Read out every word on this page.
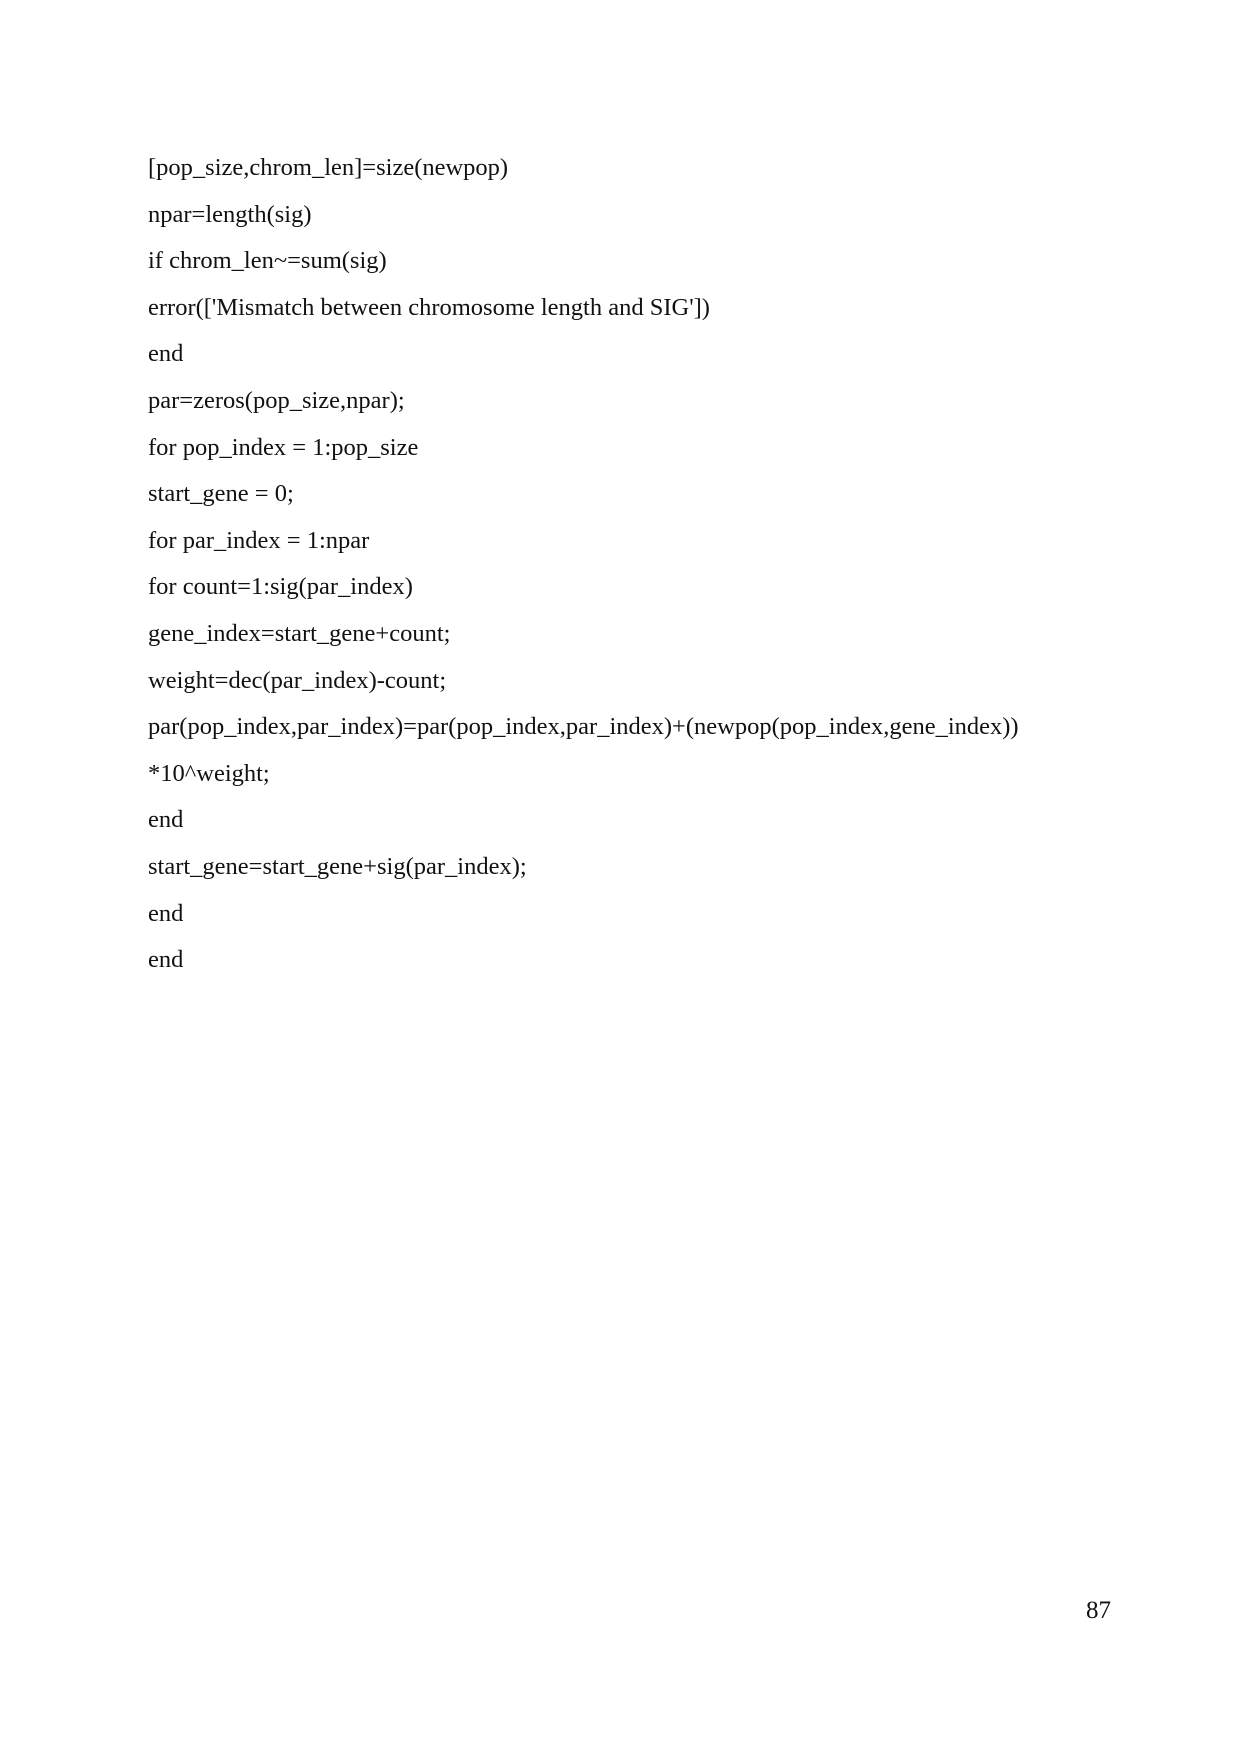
[pop_size,chrom_len]=size(newpop)
npar=length(sig)
if chrom_len~=sum(sig)
error(['Mismatch between chromosome length and SIG'])
end
par=zeros(pop_size,npar);
for pop_index = 1:pop_size
start_gene = 0;
for par_index = 1:npar
for count=1:sig(par_index)
gene_index=start_gene+count;
weight=dec(par_index)-count;
par(pop_index,par_index)=par(pop_index,par_index)+(newpop(pop_index,gene_index))
*10^weight;
end
start_gene=start_gene+sig(par_index);
end
end
87
